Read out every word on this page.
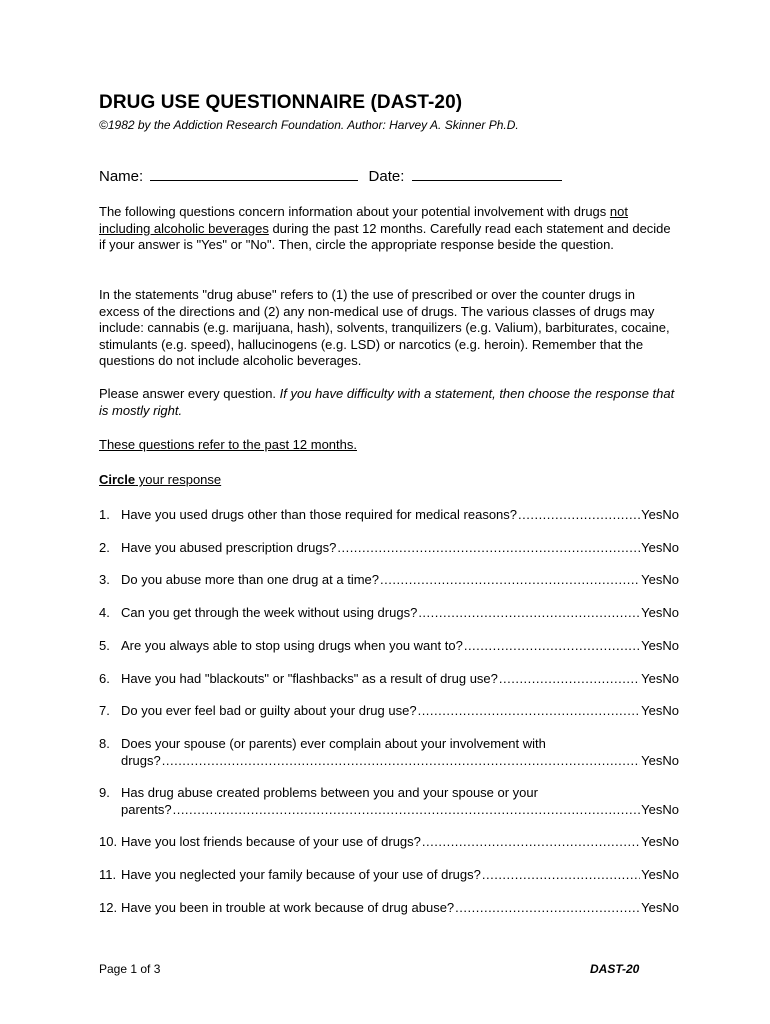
DRUG USE QUESTIONNAIRE (DAST-20)
©1982 by the Addiction Research Foundation. Author: Harvey A. Skinner Ph.D.
Name:	Date:

The following questions concern information about your potential involvement with drugs not including alcoholic beverages during the past 12 months. Carefully read each statement and decide if your answer is "Yes" or "No". Then, circle the appropriate response beside the question.

In the statements "drug abuse" refers to (1) the use of prescribed or over the counter drugs in excess of the directions and (2) any non-medical use of drugs. The various classes of drugs may include: cannabis (e.g. marijuana, hash), solvents, tranquilizers (e.g. Valium), barbiturates, cocaine, stimulants (e.g. speed), hallucinogens (e.g. LSD) or narcotics (e.g. heroin). Remember that the questions do not include alcoholic beverages.

Please answer every question. If you have difficulty with a statement, then choose the response that is mostly right.

These questions refer to the past 12 months.

Circle your response

1. Have you used drugs other than those required for medical reasons? .....	Yes No
2. Have you abused prescription drugs? .....	Yes No
3. Do you abuse more than one drug at a time? .....	Yes No
4. Can you get through the week without using drugs? .....	Yes No
5. Are you always able to stop using drugs when you want to? .....	Yes No
6. Have you had "blackouts" or "flashbacks" as a result of drug use? .....	Yes No
7. Do you ever feel bad or guilty about your drug use? .....	Yes No
8. Does your spouse (or parents) ever complain about your involvement with
drugs? .....	Yes No
9. Has drug abuse created problems between you and your spouse or your
parents? .....	Yes No
10. Have you lost friends because of your use of drugs? .....	Yes No
11. Have you neglected your family because of your use of drugs? .....	Yes No
12. Have you been in trouble at work because of drug abuse? .....	Yes No
Page 1 of 3	DAST-20
